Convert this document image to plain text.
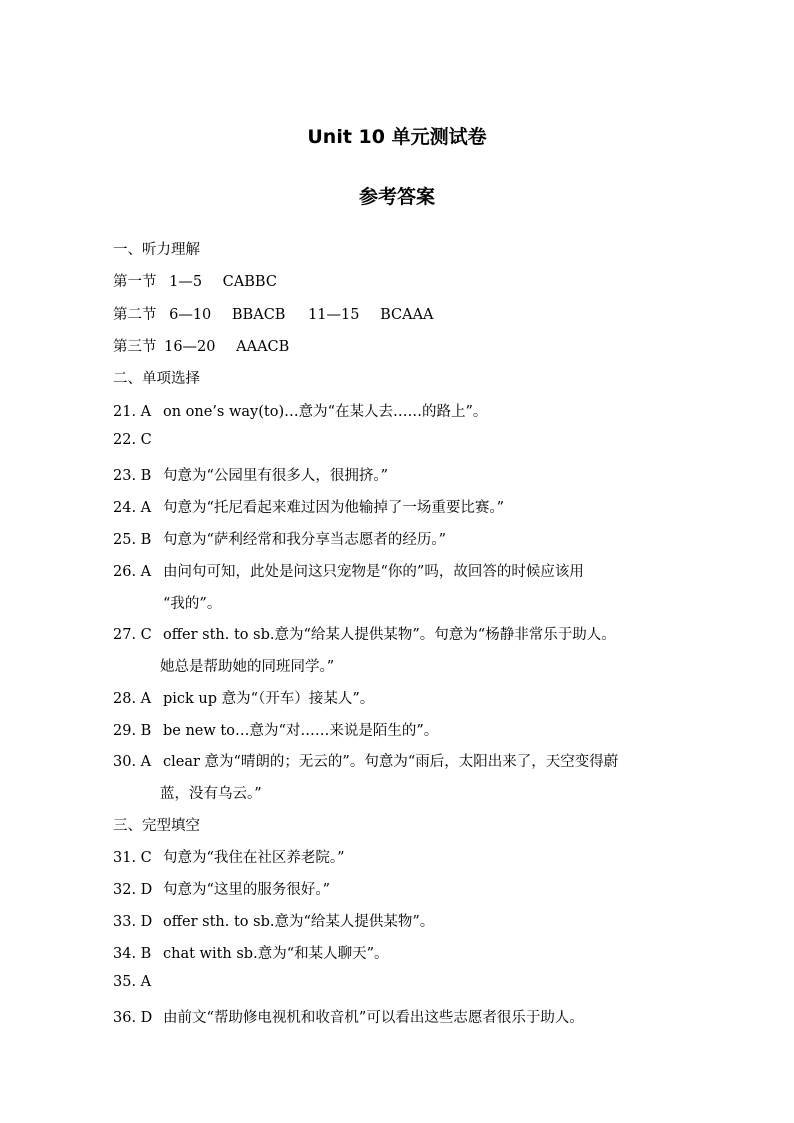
Unit 10 单元测试卷
参考答案
一、听力理解
第一节 1—5 CABBC
第二节 6—10 BBACB 11—15 BCAAA
第三节 16—20 AAACB
二、单项选择
21. A on one’s way(to)…意为“在某人去……的路上”。
22. C
23. B 句意为“公园里有很多人，很拥挤。”
24. A 句意为“托尼看起来难过因为他输掉了一场重要比赛。”
25. B 句意为“萨利经常和我分享当志愿者的经历。”
26. A 由问句可知，此处是问这只宠物是“你的”吗，故回答的时候应该用
“我的”。
27. C offer sth. to sb.意为“给某人提供某物”。句意为“杨静非常乐于助人。
她总是帮助她的同班同学。”
28. A pick up 意为“（开车）接某人”。
29. B be new to…意为“对……来说是陌生的”。
30. A clear 意为“晴朗的；无云的”。句意为“雨后，太阳出来了，天空变得蔚
蓝，没有乌云。”
三、完型填空
31. C 句意为“我住在社区养老院。”
32. D 句意为“这里的服务很好。”
33. D offer sth. to sb.意为“给某人提供某物”。
34. B chat with sb.意为“和某人聊天”。
35. A
36. D 由前文“帮助修电视机和收音机”可以看出这些志愿者很乐于助人。
